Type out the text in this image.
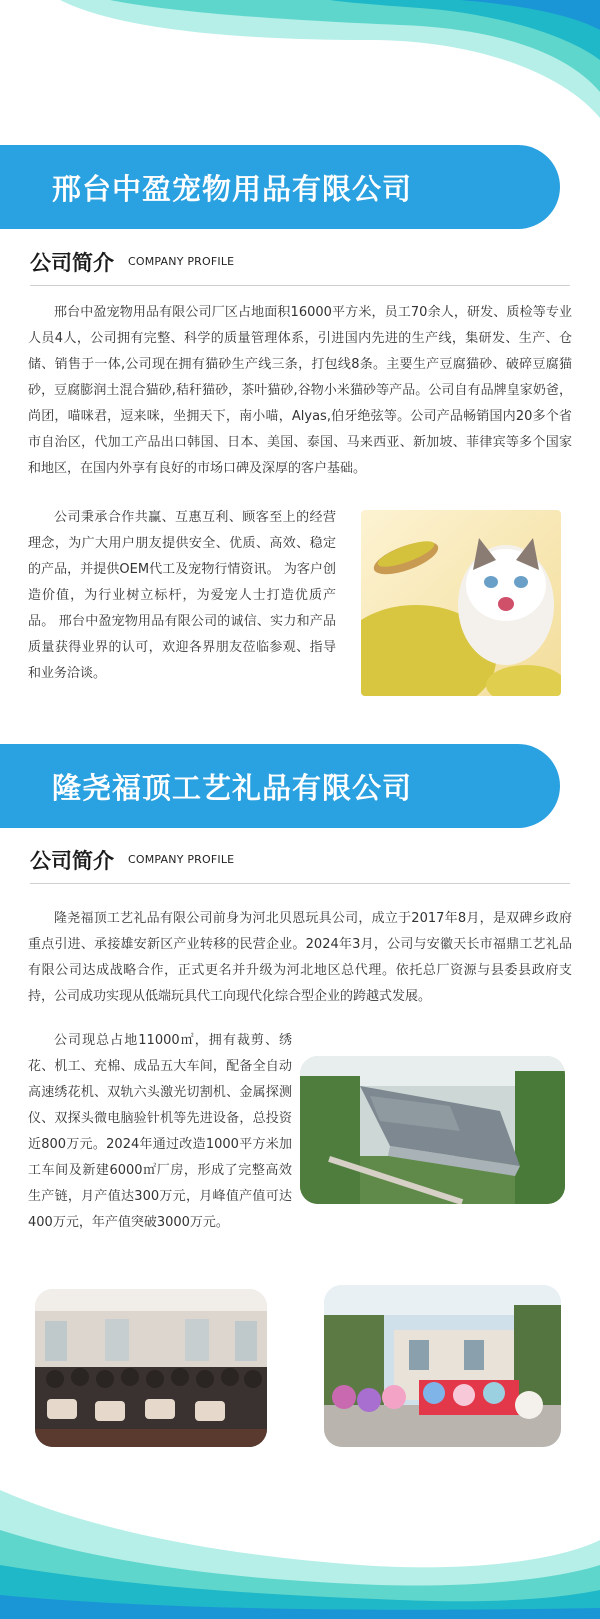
邢台中盈宠物用品有限公司
公司简介 COMPANY PROFILE

邢台中盈宠物用品有限公司厂区占地面积16000平方米，员工70余人，研发、质检等专业人员4人，公司拥有完整、科学的质量管理体系，引进国内先进的生产线，集研发、生产、仓储、销售于一体,公司现在拥有猫砂生产线三条，打包线8条。主要生产豆腐猫砂、破碎豆腐猫砂，豆腐膨润土混合猫砂,秸秆猫砂，茶叶猫砂,谷物小米猫砂等产品。公司自有品牌皇家奶爸，尚团，喵咪君，逗来咪，坐拥天下，南小喵，Alyas,伯牙绝弦等。公司产品畅销国内20多个省市自治区，代加工产品出口韩国、日本、美国、泰国、马来西亚、新加坡、菲律宾等多个国家和地区，在国内外享有良好的市场口碑及深厚的客户基础。

公司秉承合作共赢、互惠互利、顾客至上的经营理念，为广大用户朋友提供安全、优质、高效、稳定的产品，并提供OEM代工及宠物行情资讯。 为客户创造价值，为行业树立标杆，为爱宠人士打造优质产品。 邢台中盈宠物用品有限公司的诚信、实力和产品质量获得业界的认可，欢迎各界朋友莅临参观、指导和业务洽谈。

隆尧福顶工艺礼品有限公司
公司简介 COMPANY PROFILE

隆尧福顶工艺礼品有限公司前身为河北贝恩玩具公司，成立于2017年8月，是双碑乡政府重点引进、承接雄安新区产业转移的民营企业。2024年3月，公司与安徽天长市福鼎工艺礼品有限公司达成战略合作，正式更名并升级为河北地区总代理。依托总厂资源与县委县政府支持，公司成功实现从低端玩具代工向现代化综合型企业的跨越式发展。

公司现总占地11000㎡，拥有裁剪、绣花、机工、充棉、成品五大车间，配备全自动高速绣花机、双轨六头激光切割机、金属探测仪、双探头微电脑验针机等先进设备，总投资近800万元。2024年通过改造1000平方米加工车间及新建6000㎡厂房，形成了完整高效生产链，月产值达300万元，月峰值产值可达400万元，年产值突破3000万元。
